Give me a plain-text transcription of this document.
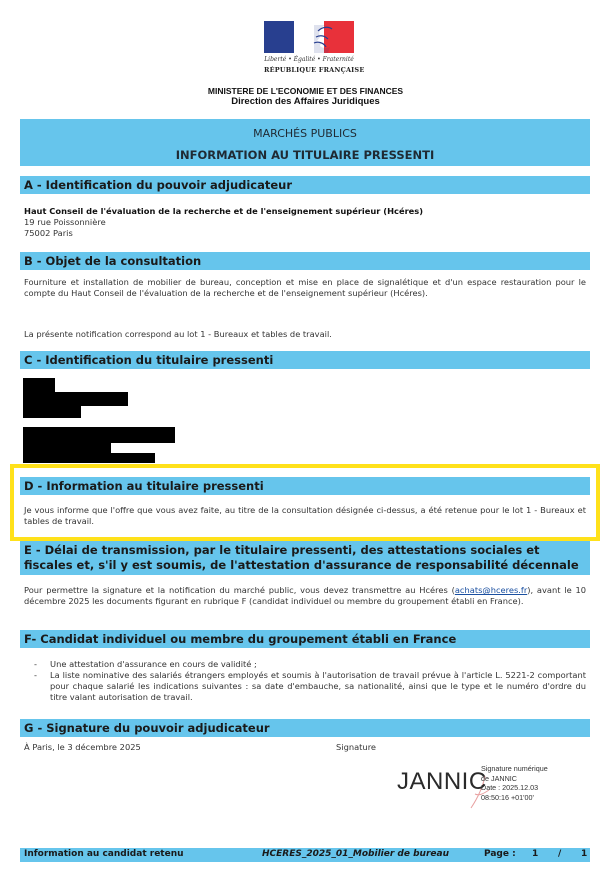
Liberté • Égalité • Fraternité
RÉPUBLIQUE FRANÇAISE
MINISTERE DE L'ECONOMIE ET DES FINANCES
Direction des Affaires Juridiques
MARCHÉS PUBLICS
INFORMATION AU TITULAIRE PRESSENTI
A - Identification du pouvoir adjudicateur
Haut Conseil de l'évaluation de la recherche et de l'enseignement supérieur (Hcéres)
19 rue Poissonnière
75002 Paris
B - Objet de la consultation
Fourniture et installation de mobilier de bureau, conception et mise en place de signalétique et d'un espace restauration pour le compte du Haut Conseil de l'évaluation de la recherche et de l'enseignement supérieur (Hcéres).
La présente notification correspond au lot 1 - Bureaux et tables de travail.
C - Identification du titulaire pressenti
D - Information au titulaire pressenti
Je vous informe que l'offre que vous avez faite, au titre de la consultation désignée ci-dessus, a été retenue pour le lot 1 - Bureaux et tables de travail.
E - Délai de transmission, par le titulaire pressenti, des attestations sociales et fiscales et, s'il y est soumis, de l'attestation d'assurance de responsabilité décennale
Pour permettre la signature et la notification du marché public, vous devez transmettre au Hcéres (achats@hceres.fr), avant le 10 décembre 2025 les documents figurant en rubrique F (candidat individuel ou membre du groupement établi en France).
F- Candidat individuel ou membre du groupement établi en France
- Une attestation d'assurance en cours de validité ;
- La liste nominative des salariés étrangers employés et soumis à l'autorisation de travail prévue à l'article L. 5221-2 comportant pour chaque salarié les indications suivantes : sa date d'embauche, sa nationalité, ainsi que le type et le numéro d'ordre du titre valant autorisation de travail.
G - Signature du pouvoir adjudicateur
À Paris, le 3 décembre 2025	Signature
JANNIC
Signature numérique
de JANNIC
Date : 2025.12.03
08:50:16 +01'00'
Information au candidat retenu	HCERES_2025_01_Mobilier de bureau	Page : 1 / 1
